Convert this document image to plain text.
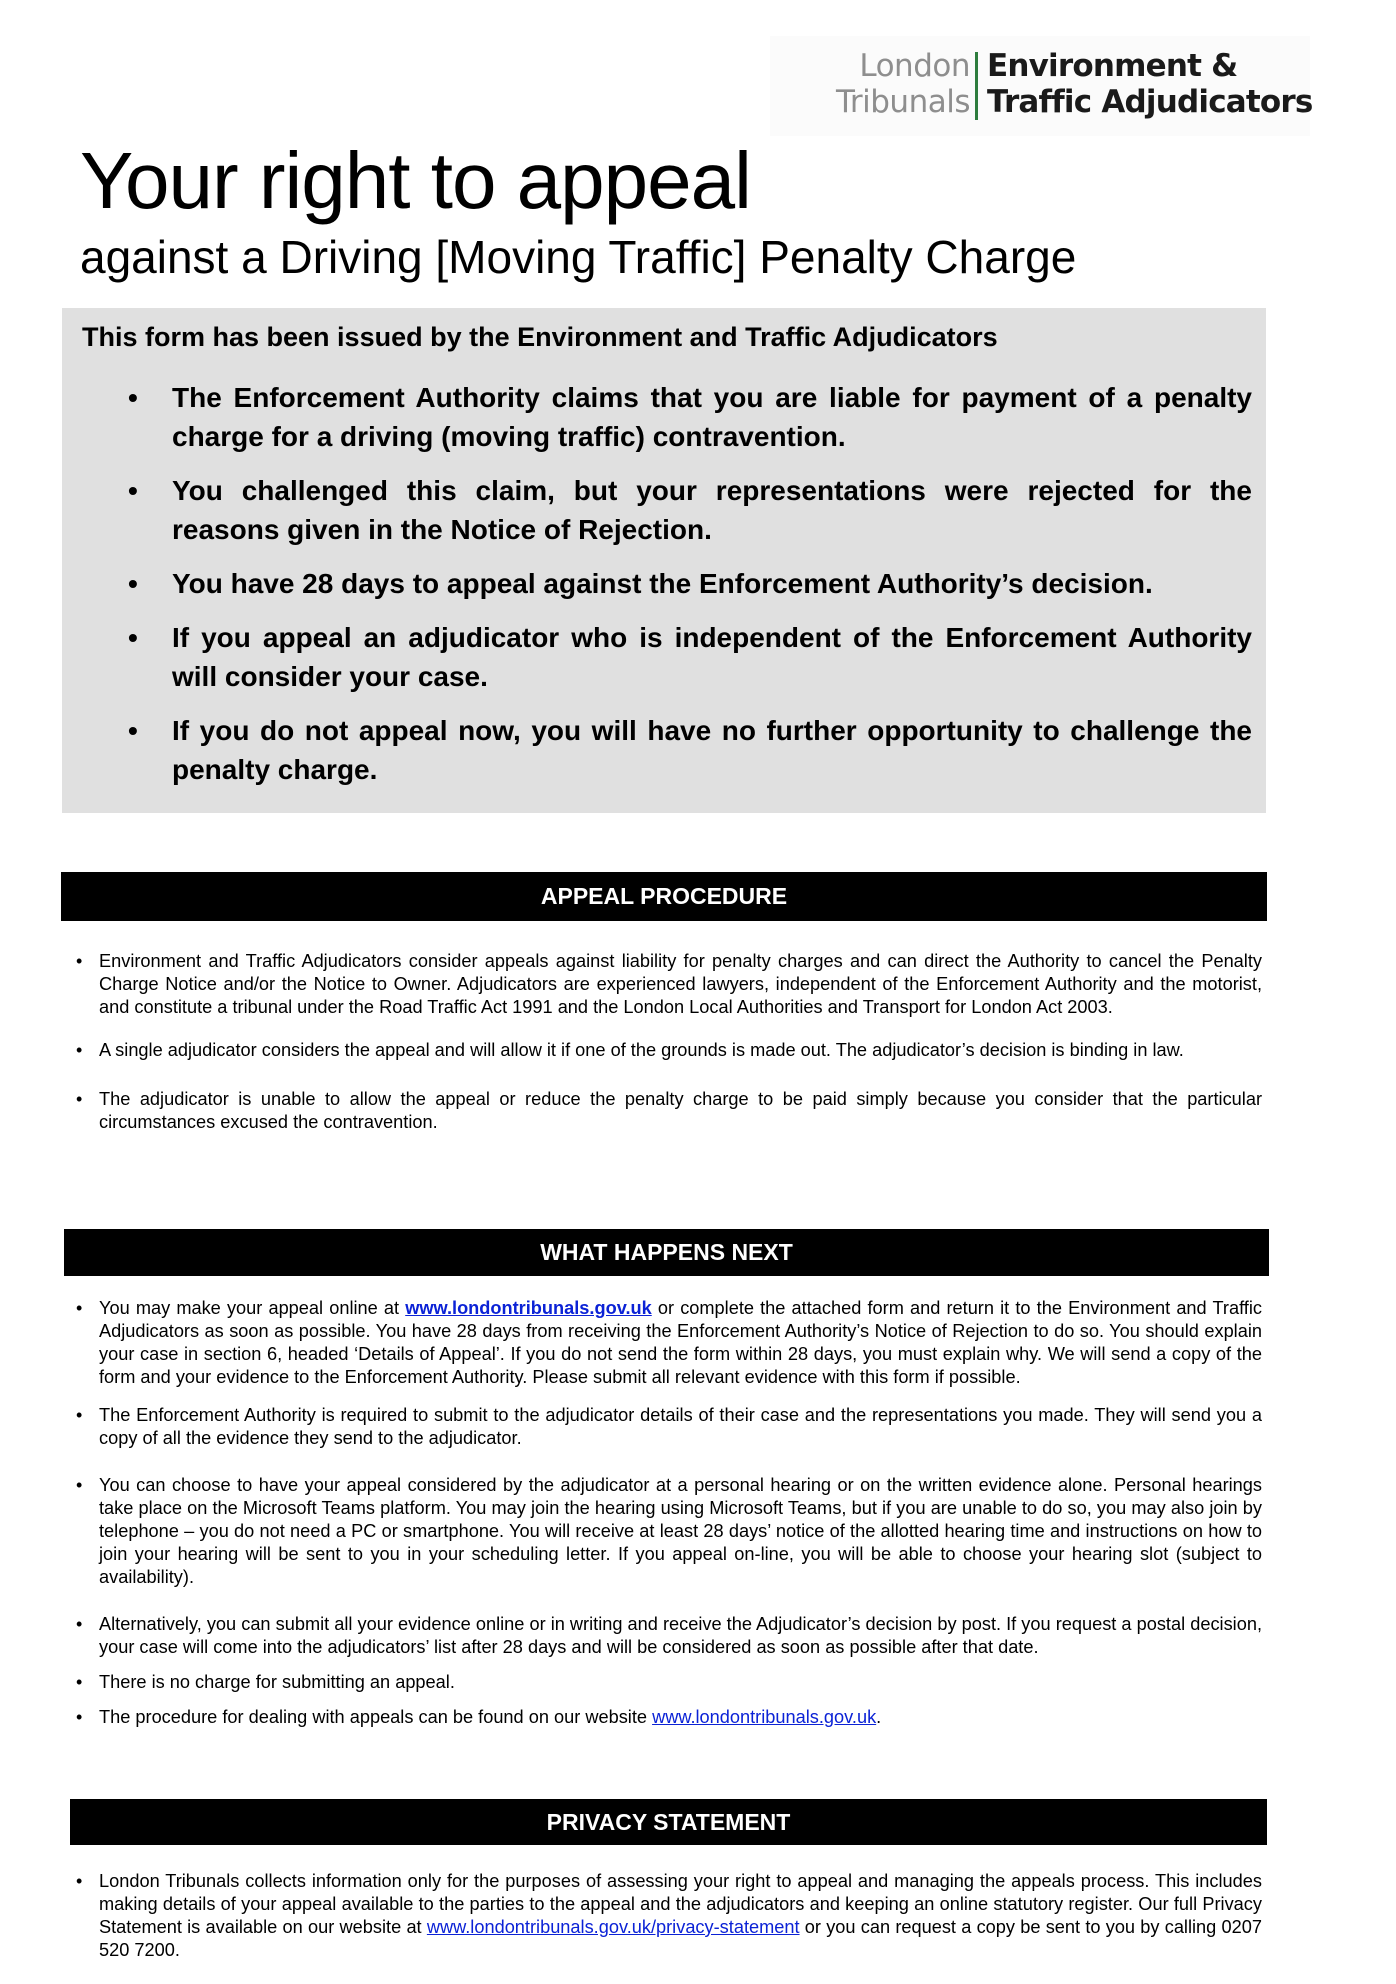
London
Tribunals
Environment &
Traffic Adjudicators
Your right to appeal
against a Driving [Moving Traffic] Penalty Charge
This form has been issued by the Environment and Traffic Adjudicators
• The Enforcement Authority claims that you are liable for payment of a penalty charge for a driving (moving traffic) contravention.
• You challenged this claim, but your representations were rejected for the reasons given in the Notice of Rejection.
• You have 28 days to appeal against the Enforcement Authority’s decision.
• If you appeal an adjudicator who is independent of the Enforcement Authority will consider your case.
• If you do not appeal now, you will have no further opportunity to challenge the penalty charge.
APPEAL PROCEDURE
• Environment and Traffic Adjudicators consider appeals against liability for penalty charges and can direct the Authority to cancel the Penalty Charge Notice and/or the Notice to Owner. Adjudicators are experienced lawyers, independent of the Enforcement Authority and the motorist, and constitute a tribunal under the Road Traffic Act 1991 and the London Local Authorities and Transport for London Act 2003.
• A single adjudicator considers the appeal and will allow it if one of the grounds is made out. The adjudicator’s decision is binding in law.
• The adjudicator is unable to allow the appeal or reduce the penalty charge to be paid simply because you consider that the particular circumstances excused the contravention.
WHAT HAPPENS NEXT
• You may make your appeal online at www.londontribunals.gov.uk or complete the attached form and return it to the Environment and Traffic Adjudicators as soon as possible. You have 28 days from receiving the Enforcement Authority’s Notice of Rejection to do so. You should explain your case in section 6, headed ‘Details of Appeal’. If you do not send the form within 28 days, you must explain why. We will send a copy of the form and your evidence to the Enforcement Authority. Please submit all relevant evidence with this form if possible.
• The Enforcement Authority is required to submit to the adjudicator details of their case and the representations you made. They will send you a copy of all the evidence they send to the adjudicator.
• You can choose to have your appeal considered by the adjudicator at a personal hearing or on the written evidence alone. Personal hearings take place on the Microsoft Teams platform. You may join the hearing using Microsoft Teams, but if you are unable to do so, you may also join by telephone – you do not need a PC or smartphone. You will receive at least 28 days’ notice of the allotted hearing time and instructions on how to join your hearing will be sent to you in your scheduling letter. If you appeal on-line, you will be able to choose your hearing slot (subject to availability).
• Alternatively, you can submit all your evidence online or in writing and receive the Adjudicator’s decision by post. If you request a postal decision, your case will come into the adjudicators’ list after 28 days and will be considered as soon as possible after that date.
• There is no charge for submitting an appeal.
• The procedure for dealing with appeals can be found on our website www.londontribunals.gov.uk.
PRIVACY STATEMENT
• London Tribunals collects information only for the purposes of assessing your right to appeal and managing the appeals process. This includes making details of your appeal available to the parties to the appeal and the adjudicators and keeping an online statutory register. Our full Privacy Statement is available on our website at www.londontribunals.gov.uk/privacy-statement or you can request a copy be sent to you by calling 0207 520 7200.
